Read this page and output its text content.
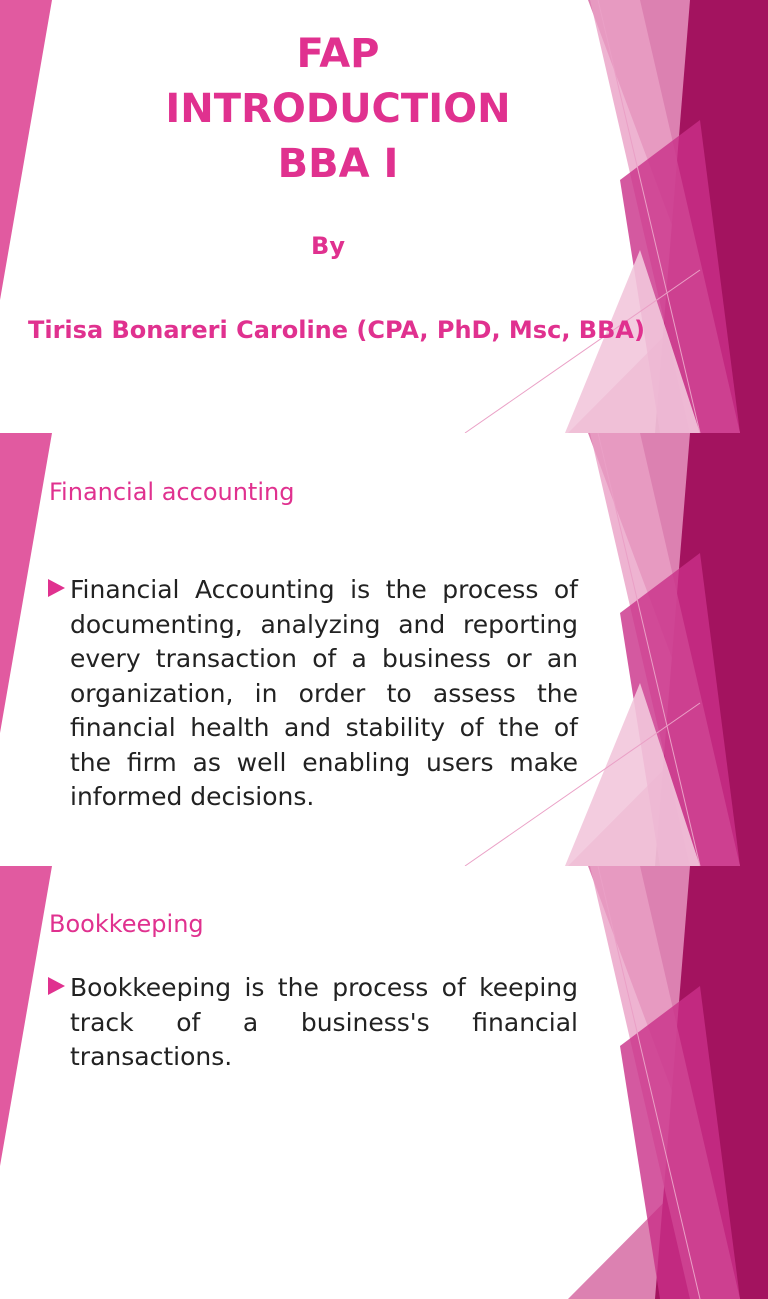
FAP
INTRODUCTION
BBA I
By
Tirisa Bonareri Caroline (CPA, PhD, Msc, BBA)
Financial accounting
Financial Accounting is the process of documenting, analyzing and reporting every transaction of a business or an organization, in order to assess the financial health and stability of the of the firm as well enabling users make informed decisions.
Bookkeeping
Bookkeeping is the process of keeping track of a business's financial transactions.
